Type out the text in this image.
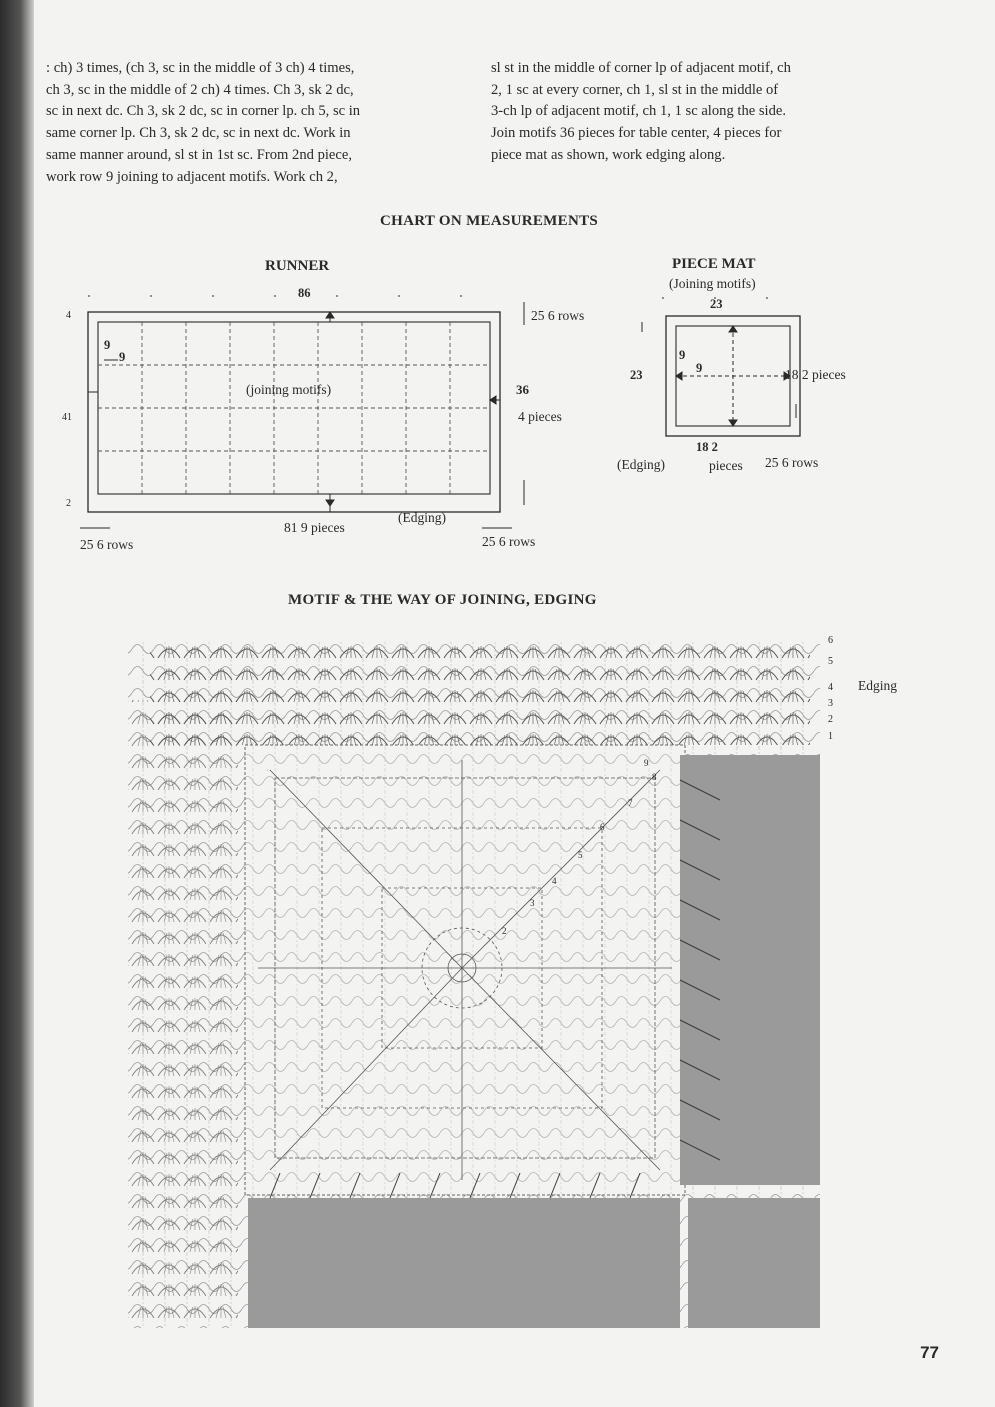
: ch) 3 times, (ch 3, sc in the middle of 3 ch) 4 times,
ch 3, sc in the middle of 2 ch) 4 times. Ch 3, sk 2 dc,
sc in next dc. Ch 3, sk 2 dc, sc in corner lp. ch 5, sc in
same corner lp. Ch 3, sk 2 dc, sc in next dc. Work in
same manner around, sl st in 1st sc. From 2nd piece,
work row 9 joining to adjacent motifs. Work ch 2,
sl st in the middle of corner lp of adjacent motif, ch
2, 1 sc at every corner, ch 1, sl st in the middle of
3-ch lp of adjacent motif, ch 1, 1 sc along the side.
Join motifs 36 pieces for table center, 4 pieces for
piece mat as shown, work edging along.
CHART ON MEASUREMENTS
RUNNER
86
25 6 rows
9
9
(joining motifs)	36
4 pieces
4
41
2
(Edging)
81 9 pieces
25 6 rows	25 6 rows
PIECE MAT
(Joining motifs)
23
23
9
9	18 2 pieces
18 2
(Edging)	pieces 25 6 rows
MOTIF & THE WAY OF JOINING, EDGING
Edging
6
5
4
3
2
1
9
8
7
6
5
4
3
2
77
